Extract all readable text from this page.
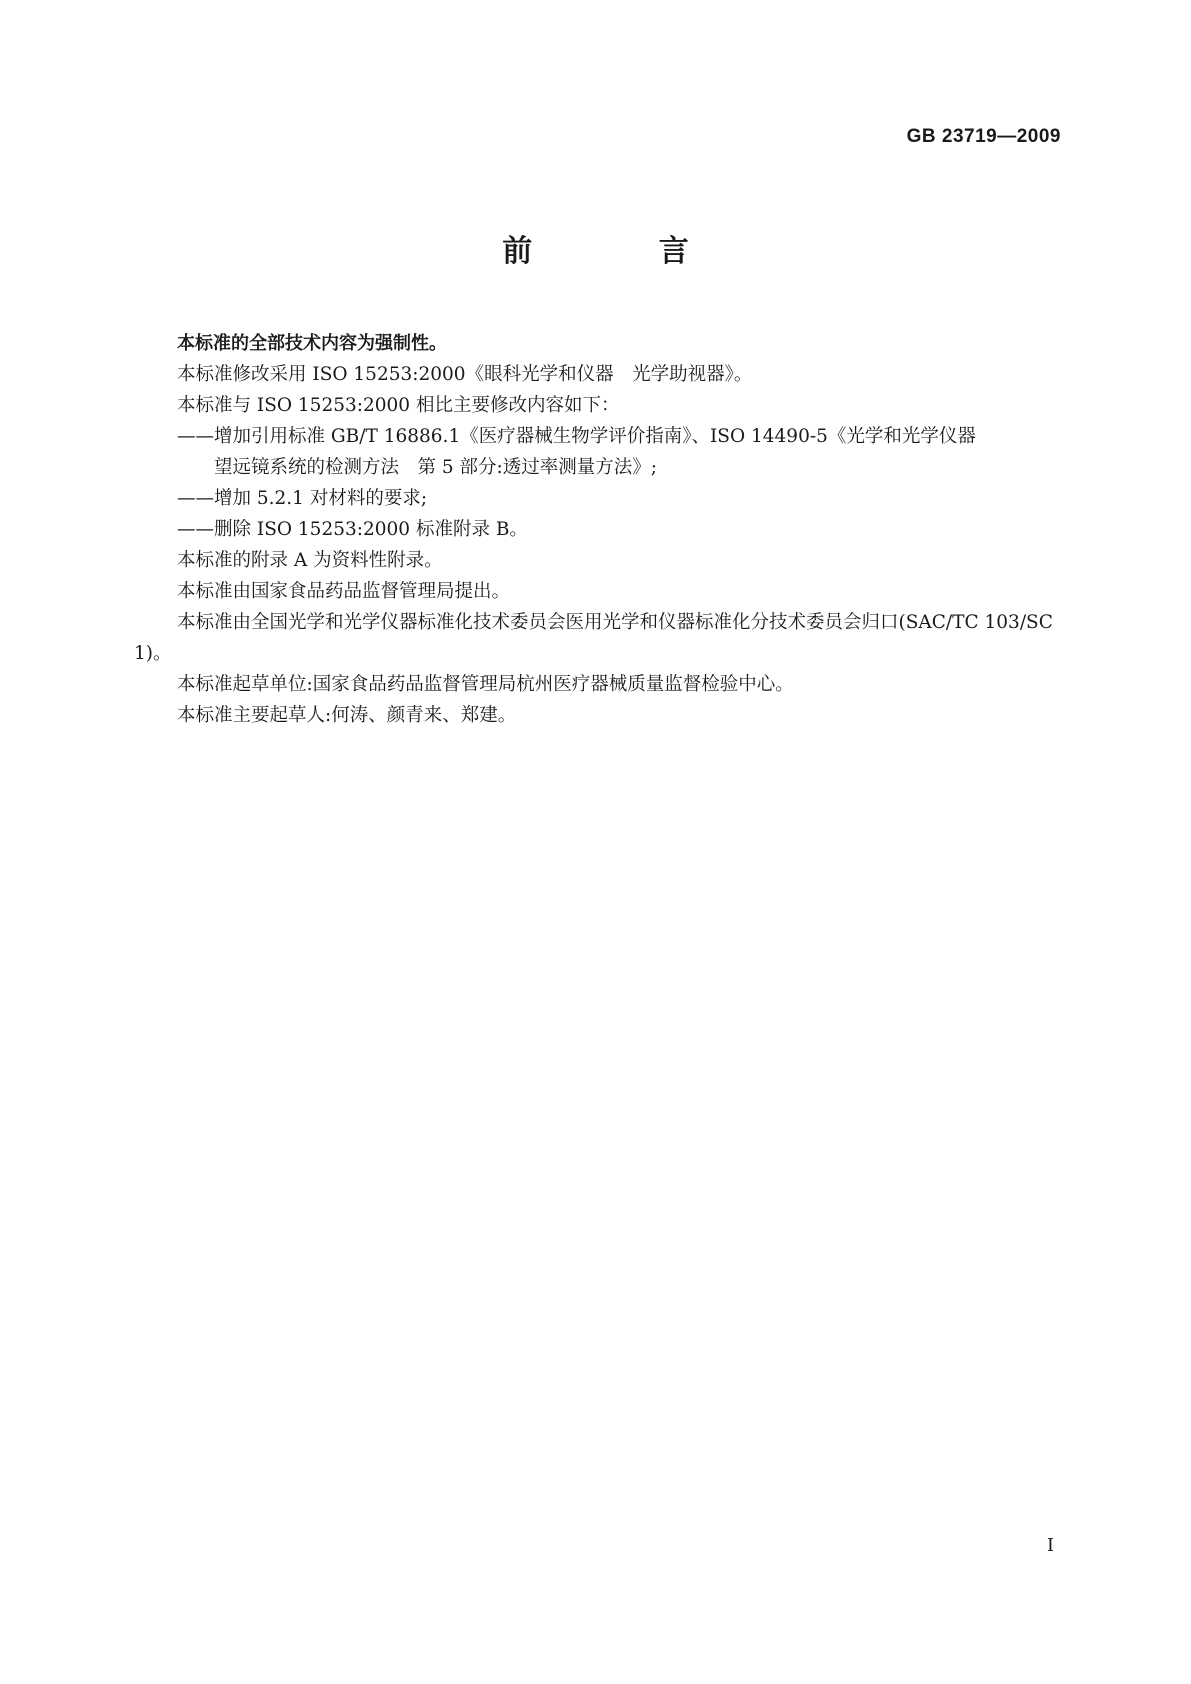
GB 23719—2009
前 言

本标准的全部技术内容为强制性。

本标准修改采用 ISO 15253:2000《眼科光学和仪器　光学助视器》。

本标准与 ISO 15253:2000 相比主要修改内容如下：

——增加引用标准 GB/T 16886.1《医疗器械生物学评价指南》、ISO 14490-5《光学和光学仪器

望远镜系统的检测方法　第 5 部分:透过率测量方法》;

——增加 5.2.1 对材料的要求;

——删除 ISO 15253:2000 标准附录 B。

本标准的附录 A 为资料性附录。

本标准由国家食品药品监督管理局提出。

本标准由全国光学和光学仪器标准化技术委员会医用光学和仪器标准化分技术委员会归口(SAC/TC 103/SC 1)。

本标准起草单位:国家食品药品监督管理局杭州医疗器械质量监督检验中心。

本标准主要起草人:何涛、颜青来、郑建。

I
